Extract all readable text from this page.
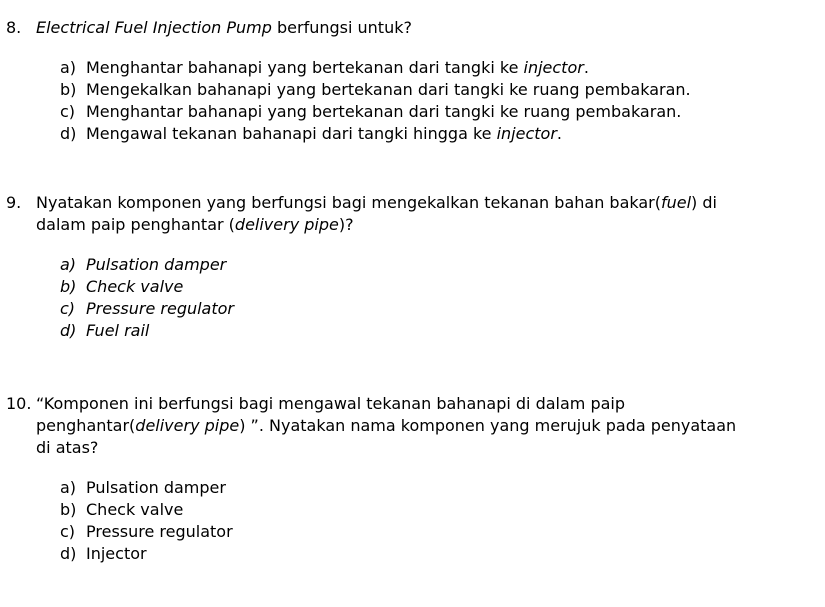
8. Electrical Fuel Injection Pump berfungsi untuk?
a) Menghantar bahanapi yang bertekanan dari tangki ke injector.
b) Mengekalkan bahanapi yang bertekanan dari tangki ke ruang pembakaran.
c) Menghantar bahanapi yang bertekanan dari tangki ke ruang pembakaran.
d) Mengawal tekanan bahanapi dari tangki hingga ke injector.
9. Nyatakan komponen yang berfungsi bagi mengekalkan tekanan bahan bakar(fuel) di
dalam paip penghantar (delivery pipe)?
a) Pulsation damper
b) Check valve
c) Pressure regulator
d) Fuel rail
10. “Komponen ini berfungsi bagi mengawal tekanan bahanapi di dalam paip
penghantar(delivery pipe) ”. Nyatakan nama komponen yang merujuk pada penyataan
di atas?
a) Pulsation damper
b) Check valve
c) Pressure regulator
d) Injector
